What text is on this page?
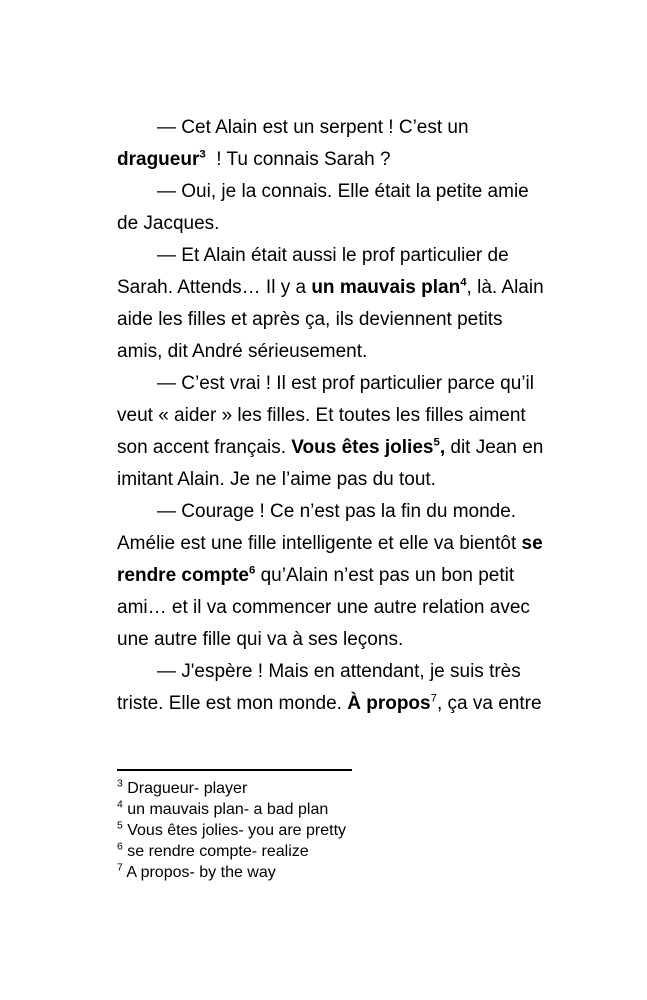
— Cet Alain est un serpent ! C’est un dragueur$^3$  ! Tu connais Sarah ?

— Oui, je la connais. Elle était la petite amie de Jacques.

— Et Alain était aussi le prof particulier de Sarah. Attends… Il y a un mauvais plan$^4$, là. Alain aide les filles et après ça, ils deviennent petits amis, dit André sérieusement.

— C’est vrai ! Il est prof particulier parce qu’il veut « aider » les filles. Et toutes les filles aiment son accent français. Vous êtes jolies$^5$, dit Jean en imitant Alain. Je ne l’aime pas du tout.

— Courage ! Ce n’est pas la fin du monde. Amélie est une fille intelligente et elle va bientôt se rendre compte$^6$ qu’Alain n’est pas un bon petit ami… et il va commencer une autre relation avec une autre fille qui va à ses leçons.

— J'espère ! Mais en attendant, je suis très triste. Elle est mon monde. À propos$^7$, ça va entre

$^3$ Dragueur- player
$^4$ un mauvais plan- a bad plan
$^5$ Vous êtes jolies- you are pretty
$^6$ se rendre compte- realize
$^7$ A propos- by the way
